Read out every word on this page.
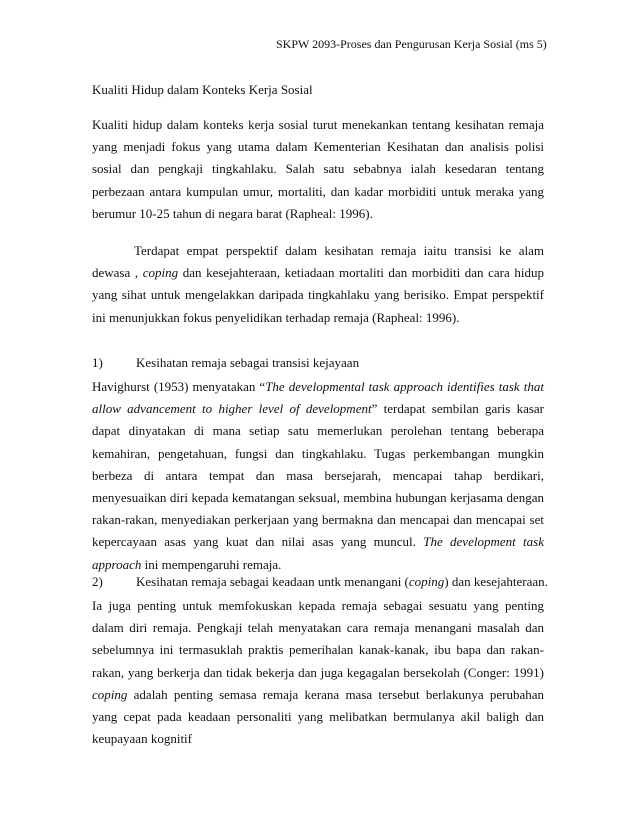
SKPW 2093-Proses dan Pengurusan Kerja Sosial (ms 5)
Kualiti Hidup dalam Konteks Kerja Sosial

Kualiti hidup dalam konteks kerja sosial turut menekankan tentang kesihatan remaja yang menjadi fokus yang utama dalam Kementerian Kesihatan dan analisis polisi sosial dan pengkaji tingkahlaku. Salah satu sebabnya ialah kesedaran tentang perbezaan antara kumpulan umur, mortaliti, dan kadar morbiditi untuk meraka yang berumur 10-25 tahun di negara barat (Rapheal: 1996).

Terdapat empat perspektif dalam kesihatan remaja iaitu transisi ke alam dewasa , coping dan kesejahteraan, ketiadaan mortaliti dan morbiditi dan cara hidup yang sihat untuk mengelakkan daripada tingkahlaku yang berisiko. Empat perspektif ini menunjukkan fokus penyelidikan terhadap remaja (Rapheal: 1996).

1)	Kesihatan remaja sebagai transisi kejayaan

Havighurst (1953) menyatakan “The developmental task approach identifies task that allow advancement to higher level of development” terdapat sembilan garis kasar dapat dinyatakan di mana setiap satu memerlukan perolehan tentang beberapa kemahiran, pengetahuan, fungsi dan tingkahlaku. Tugas perkembangan mungkin berbeza di antara tempat dan masa bersejarah, mencapai tahap berdikari, menyesuaikan diri kepada kematangan seksual, membina hubungan kerjasama dengan rakan-rakan, menyediakan perkerjaan yang bermakna dan mencapai dan mencapai set kepercayaan asas yang kuat dan nilai asas yang muncul. The development task approach ini mempengaruhi remaja.

2)	Kesihatan remaja sebagai keadaan untk menangani (coping) dan kesejahteraan.

Ia juga penting untuk memfokuskan kepada remaja sebagai sesuatu yang penting dalam diri remaja. Pengkaji telah menyatakan cara remaja menangani masalah dan sebelumnya ini termasuklah praktis pemerihalan kanak-kanak, ibu bapa dan rakan-rakan, yang berkerja dan tidak bekerja dan juga kegagalan bersekolah (Conger: 1991) coping adalah penting semasa remaja kerana masa tersebut berlakunya perubahan yang cepat pada keadaan personaliti yang melibatkan bermulanya akil baligh dan keupayaan kognitif
